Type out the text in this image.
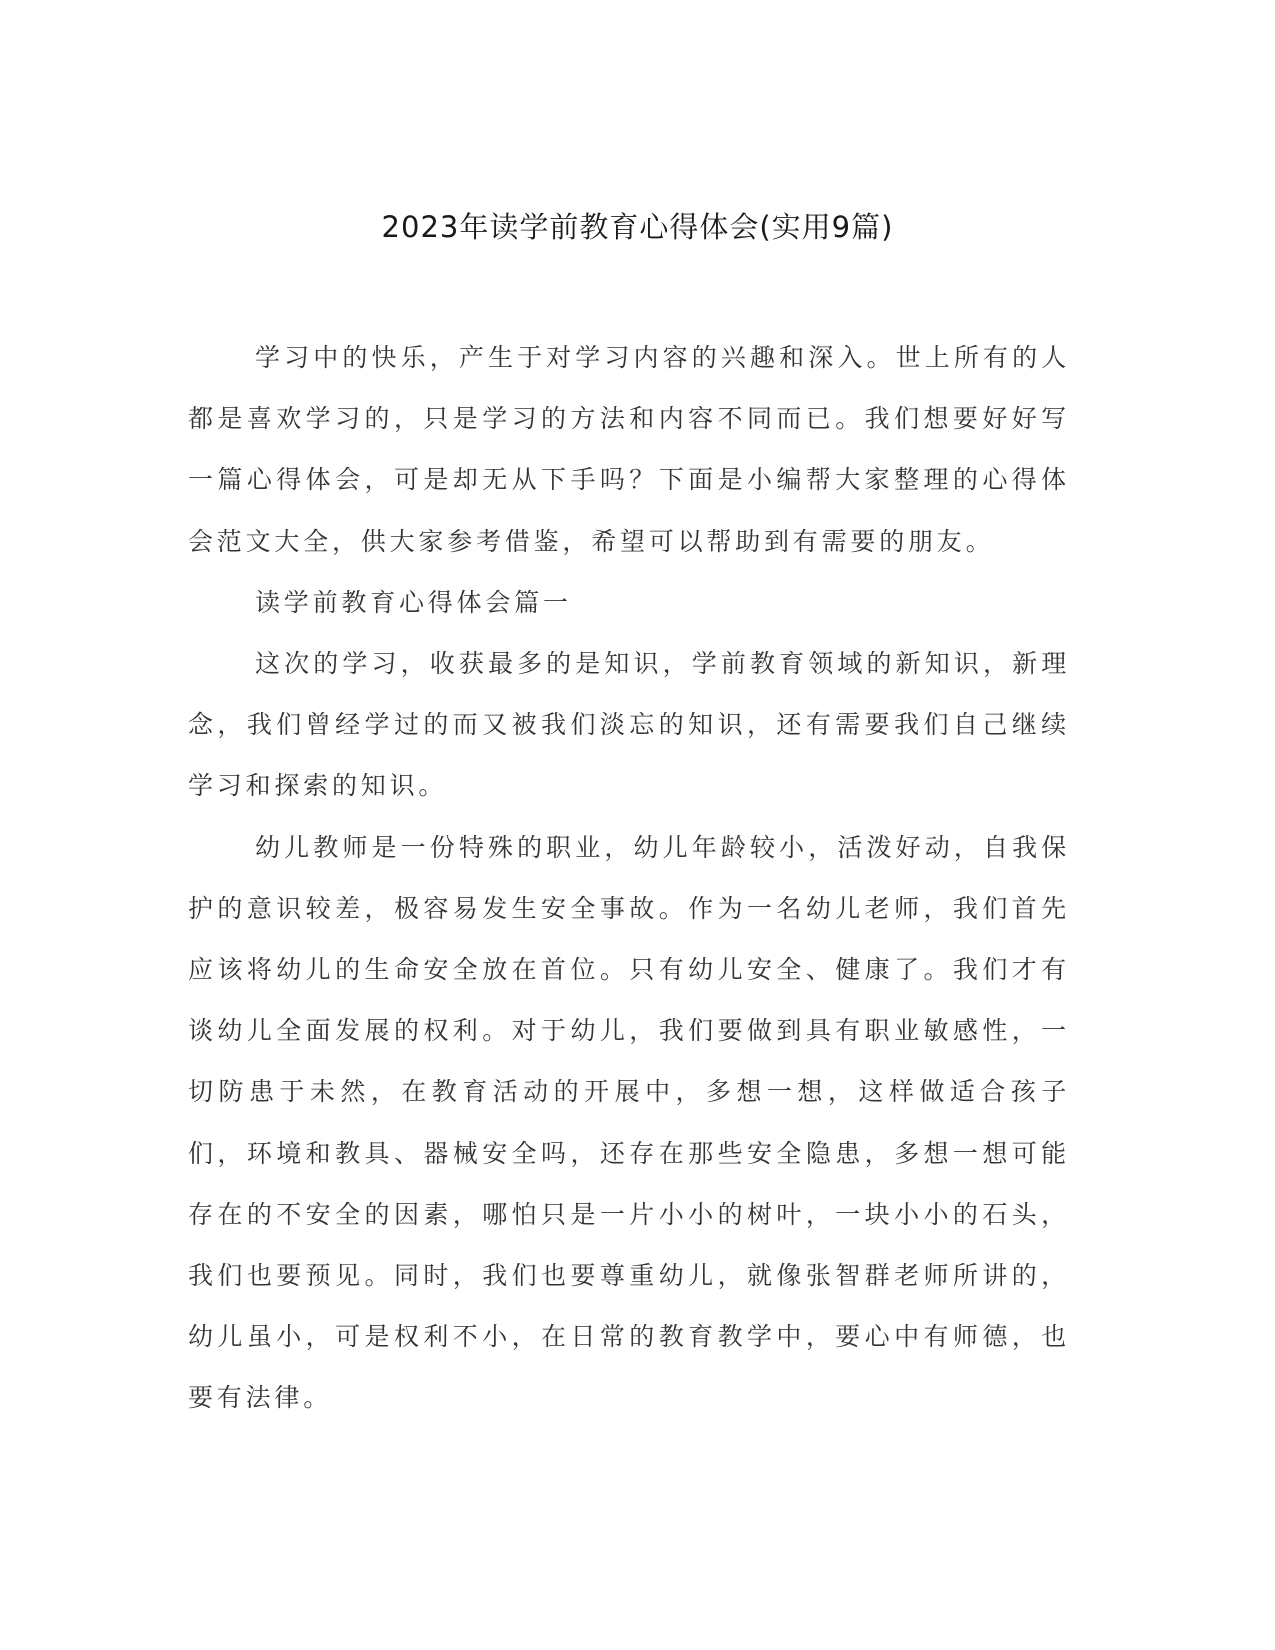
2023年读学前教育心得体会(实用9篇)

学习中的快乐，产生于对学习内容的兴趣和深入。世上所有的人都是喜欢学习的，只是学习的方法和内容不同而已。我们想要好好写一篇心得体会，可是却无从下手吗？下面是小编帮大家整理的心得体会范文大全，供大家参考借鉴，希望可以帮助到有需要的朋友。

读学前教育心得体会篇一

这次的学习，收获最多的是知识，学前教育领域的新知识，新理念，我们曾经学过的而又被我们淡忘的知识，还有需要我们自己继续学习和探索的知识。

幼儿教师是一份特殊的职业，幼儿年龄较小，活泼好动，自我保护的意识较差，极容易发生安全事故。作为一名幼儿老师，我们首先应该将幼儿的生命安全放在首位。只有幼儿安全、健康了。我们才有谈幼儿全面发展的权利。对于幼儿，我们要做到具有职业敏感性，一切防患于未然，在教育活动的开展中，多想一想，这样做适合孩子们，环境和教具、器械安全吗，还存在那些安全隐患，多想一想可能存在的不安全的因素，哪怕只是一片小小的树叶，一块小小的石头，我们也要预见。同时，我们也要尊重幼儿，就像张智群老师所讲的，幼儿虽小，可是权利不小，在日常的教育教学中，要心中有师德，也要有法律。
